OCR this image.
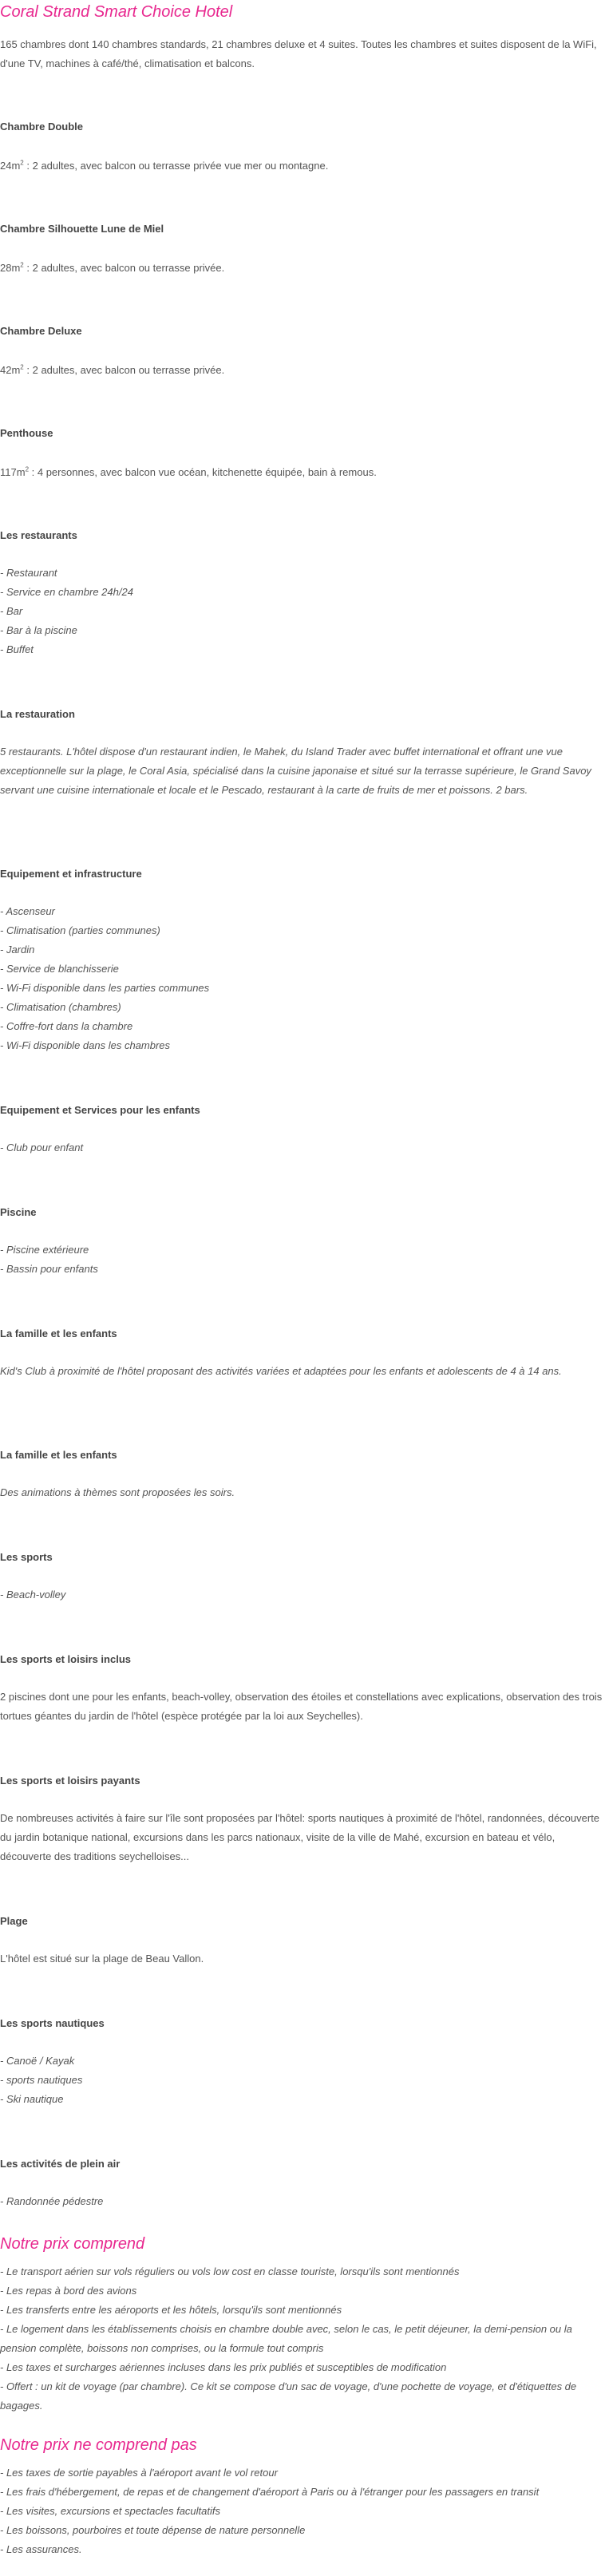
Coral Strand Smart Choice Hotel

165 chambres dont 140 chambres standards, 21 chambres deluxe et 4 suites. Toutes les chambres et suites disposent de la WiFi, d'une TV, machines à café/thé, climatisation et balcons.

Chambre Double

$24m^2$ : 2 adultes, avec balcon ou terrasse privée vue mer ou montagne.

Chambre Silhouette Lune de Miel

$28m^2$ : 2 adultes, avec balcon ou terrasse privée.

Chambre Deluxe

$42m^2$ : 2 adultes, avec balcon ou terrasse privée.

Penthouse

$117m^2$ : 4 personnes, avec balcon vue océan, kitchenette équipée, bain à remous.

Les restaurants
- Restaurant
- Service en chambre 24h/24
- Bar
- Bar à la piscine
- Buffet
La restauration

5 restaurants. L'hôtel dispose d'un restaurant indien, le Mahek, du Island Trader avec buffet international et offrant une vue exceptionnelle sur la plage, le Coral Asia, spécialisé dans la cuisine japonaise et situé sur la terrasse supérieure, le Grand Savoy servant une cuisine internationale et locale et le Pescado, restaurant à la carte de fruits de mer et poissons. 2 bars.

Equipement et infrastructure
- Ascenseur
- Climatisation (parties communes)
- Jardin
- Service de blanchisserie
- Wi-Fi disponible dans les parties communes
- Climatisation (chambres)
- Coffre-fort dans la chambre
- Wi-Fi disponible dans les chambres
Equipement et Services pour les enfants
- Club pour enfant
Piscine
- Piscine extérieure
- Bassin pour enfants
La famille et les enfants

Kid's Club à proximité de l'hôtel proposant des activités variées et adaptées pour les enfants et adolescents de 4 à 14 ans.

La famille et les enfants

Des animations à thèmes sont proposées les soirs.

Les sports
- Beach-volley
Les sports et loisirs inclus

2 piscines dont une pour les enfants, beach-volley, observation des étoiles et constellations avec explications, observation des trois tortues géantes du jardin de l'hôtel (espèce protégée par la loi aux Seychelles).

Les sports et loisirs payants

De nombreuses activités à faire sur l'île sont proposées par l'hôtel: sports nautiques à proximité de l'hôtel, randonnées, découverte du jardin botanique national, excursions dans les parcs nationaux, visite de la ville de Mahé, excursion en bateau et vélo, découverte des traditions seychelloises...

Plage

L'hôtel est situé sur la plage de Beau Vallon.

Les sports nautiques
- Canoë / Kayak
- sports nautiques
- Ski nautique
Les activités de plein air
- Randonnée pédestre
Notre prix comprend
- Le transport aérien sur vols réguliers ou vols low cost en classe touriste, lorsqu'ils sont mentionnés
- Les repas à bord des avions
- Les transferts entre les aéroports et les hôtels, lorsqu'ils sont mentionnés
- Le logement dans les établissements choisis en chambre double avec, selon le cas, le petit déjeuner, la demi-pension ou la pension complète, boissons non comprises, ou la formule tout compris
- Les taxes et surcharges aériennes incluses dans les prix publiés et susceptibles de modification
- Offert : un kit de voyage (par chambre). Ce kit se compose d'un sac de voyage, d'une pochette de voyage, et d'étiquettes de bagages.
Notre prix ne comprend pas
- Les taxes de sortie payables à l'aéroport avant le vol retour
- Les frais d'hébergement, de repas et de changement d'aéroport à Paris ou à l'étranger pour les passagers en transit
- Les visites, excursions et spectacles facultatifs
- Les boissons, pourboires et toute dépense de nature personnelle
- Les assurances.
